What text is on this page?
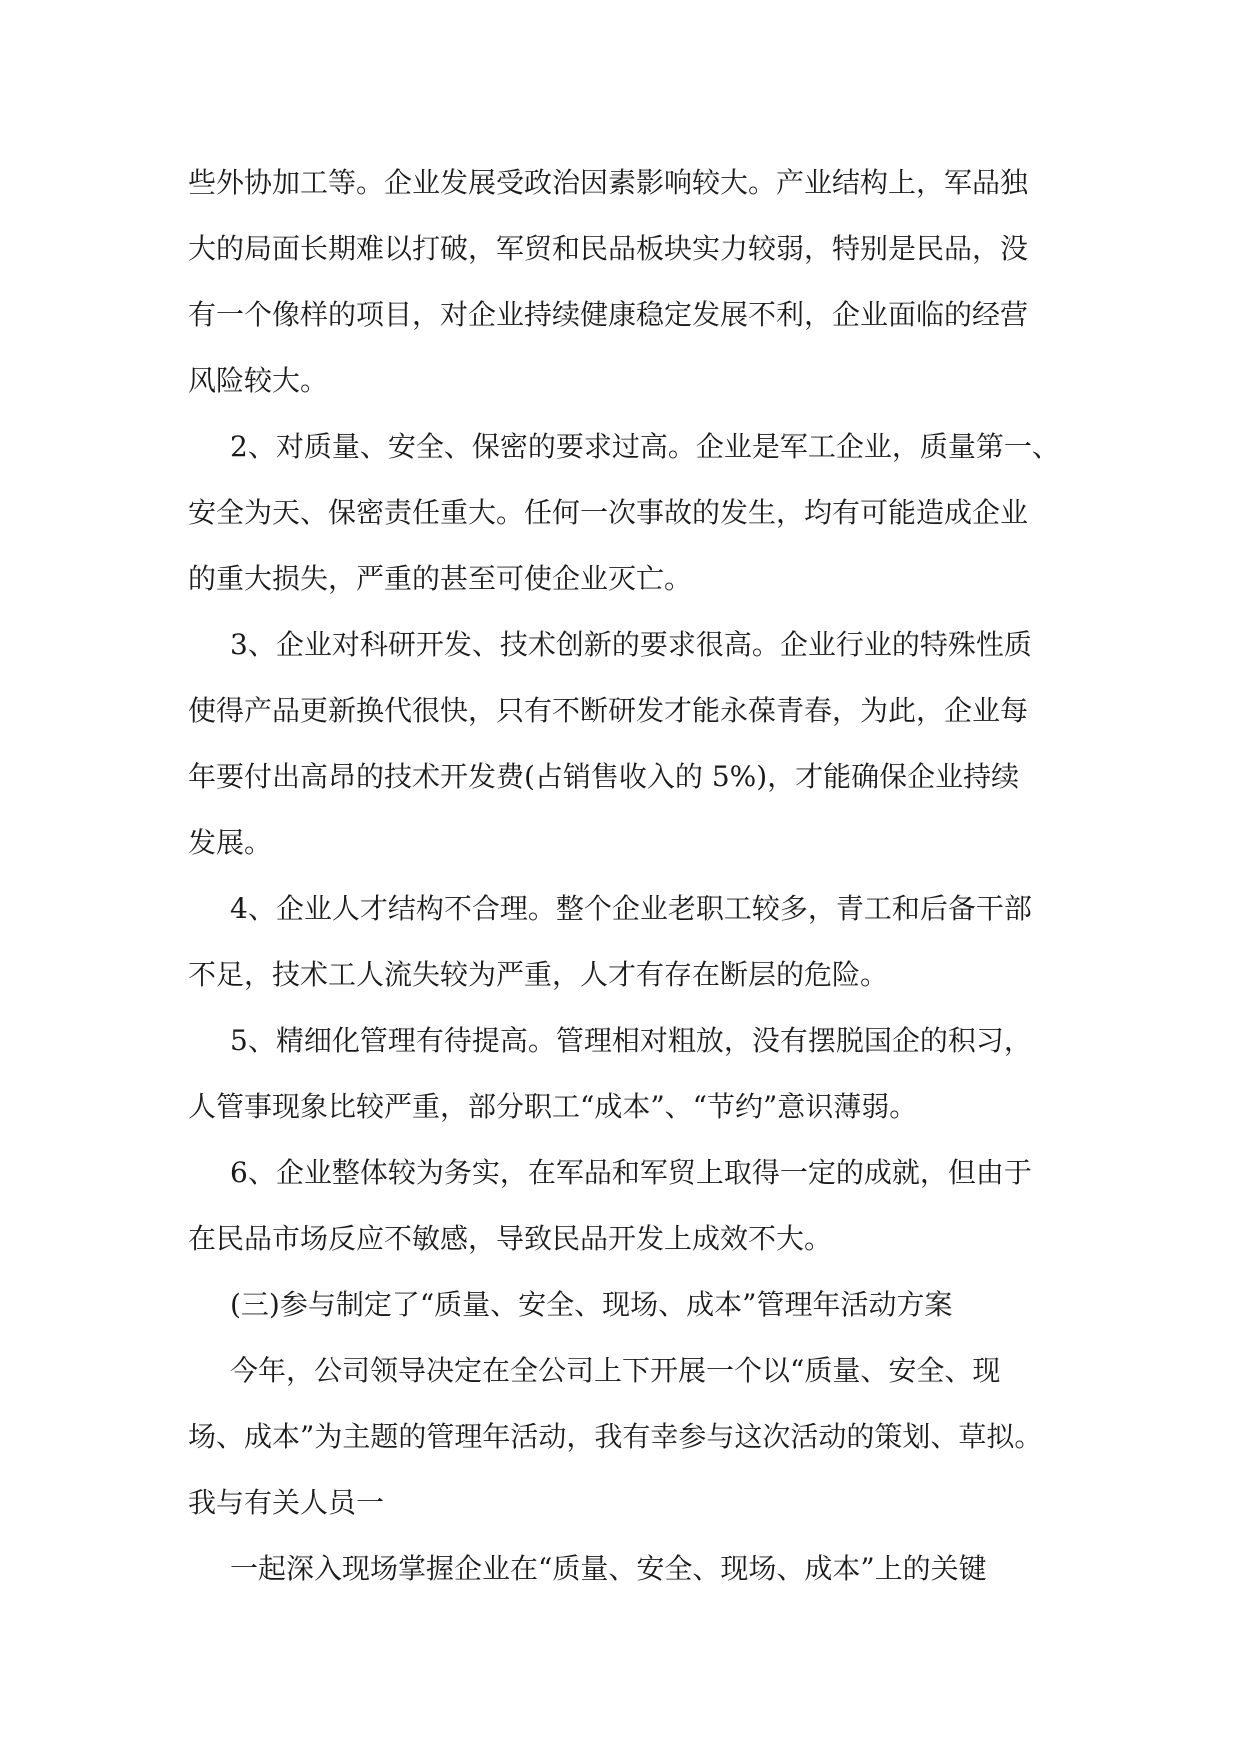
些外协加工等。企业发展受政治因素影响较大。产业结构上，军品独
大的局面长期难以打破，军贸和民品板块实力较弱，特别是民品，没
有一个像样的项目，对企业持续健康稳定发展不利，企业面临的经营
风险较大。
2、对质量、安全、保密的要求过高。企业是军工企业，质量第一、
安全为天、保密责任重大。任何一次事故的发生，均有可能造成企业
的重大损失，严重的甚至可使企业灭亡。
3、企业对科研开发、技术创新的要求很高。企业行业的特殊性质
使得产品更新换代很快，只有不断研发才能永葆青春，为此，企业每
年要付出高昂的技术开发费(占销售收入的 5%)，才能确保企业持续
发展。
4、企业人才结构不合理。整个企业老职工较多，青工和后备干部
不足，技术工人流失较为严重，人才有存在断层的危险。
5、精细化管理有待提高。管理相对粗放，没有摆脱国企的积习，
人管事现象比较严重，部分职工“成本”、“节约”意识薄弱。
6、企业整体较为务实，在军品和军贸上取得一定的成就，但由于
在民品市场反应不敏感，导致民品开发上成效不大。
(三)参与制定了“质量、安全、现场、成本”管理年活动方案
今年，公司领导决定在全公司上下开展一个以“质量、安全、现
场、成本”为主题的管理年活动，我有幸参与这次活动的策划、草拟。
我与有关人员一
一起深入现场掌握企业在“质量、安全、现场、成本”上的关键
